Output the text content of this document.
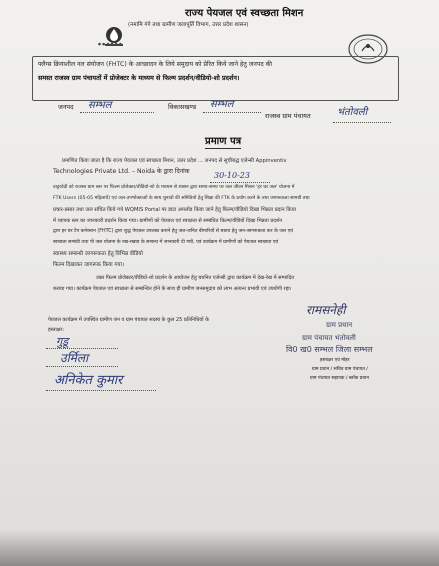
● ● ● ● ● ●
राज्य पेयजल एवं स्वच्छता मिशन
(नमामि गंगे तथा ग्रामीण जलापूर्ति विभाग, उत्तर प्रदेश शासन)
फ्लैग्स क्रियाशील नल संयोजन (FHTC) के आच्छादन के लिये समुदाय को प्रेरित किये जाने हेतु जनपद की
समस्त राजस्व ग्राम पंचायतों में प्रोजेक्टर के माध्यम से फिल्म प्रदर्शन/वीडियो-शो प्रदर्शन।
जनपद सम्भल	विकासखण्ड सम्भल
राजस्व ग्राम पंचायत	भंतोवली
प्रमाण पत्र
प्रमाणित किया जाता है कि राज्य पेयजल एवं स्वच्छता मिशन, उत्तर प्रदेश ... जनपद से सूचीबद्ध एजेन्सी Appinventiv
Technologies Private Ltd. – Noida के द्वारा दिनांक	30-10-23
वाट्टरवेदी को राजस्व ग्राम स्तर पर फिल्म प्रोजेक्टर/वीडियो-शो के माध्यम से शासन द्वारा समय-समय पर जल जीवन मिशन 'हर घर जल' योजना में
FTK Users (05-05 महिलायें) एवं जल-उपभोक्ताओं के साथ चुनावों की समितियों हेतु शिक्षा की FTK के प्रयोग करने के तथा जागरूकता सामग्री तथा
प्रचार-प्रसार तथा जल संचित किये गये WQMIS Portal पर डाटा अपलोड किया जाने हेतु फ़िल्म/वीडियो दिखा भिन्नता प्रदान किया
में व्यापक स्तर का जानकारी प्रदर्शन किया गया। ग्रामीणों को पेयजल एवं स्वच्छता से सम्बंधित फ़िल्म/वीडियो दिखा भिन्नता प्रदर्शन
द्वारा हर घर टैप कनेक्शन (FHTC) द्वारा शुद्ध पेयजल उपलब्ध कराने हेतु जल-जनित बीमारियों से बचाव हेतु जन-जागरूकता कर के जल एवं
स्वच्छता सम्बंधी तथा पी जल योजना के रख-रखाव के सम्बन्ध में जानकारी दी गयी, एवं कार्यक्रम में ग्रामीणों को पेयजल स्वच्छता एवं
स्वास्थ्य सम्बन्धी जागरूकता हेतु विभिन्न वीडियो
फिल्म दिखाकर जागरूक किया गया।
उक्त फिल्म प्रोजेक्टर/वीडियो-शो प्रदर्शन के आयोजन हेतु चयनित एजेन्सी द्वारा कार्यक्रम में देख-रेख में सम्पादित
कराया गया। कार्यक्रम पेयजल एवं स्वच्छता से सम्बन्धित होने के साथ ही ग्रामीण जनसमुदाय को लाभ अत्यन्त प्रभावी एवं उपयोगी रहा।
पेयजल कार्यक्रम में उपस्थित ग्रामीण जन व ग्राम पंचायत सदस्य के कुल 25 प्रतिनिधियों के
हस्ताक्षर:
गुडू
उर्मिला
अनिकेत कुमार
रामसनेही
ग्राम प्रधान
ग्राम पंचायत भंतोवली
वि0 ख0 सम्भल जिला सम्भल
हस्ताक्षर एवं मोहर
ग्राम प्रधान / सचिव ग्राम पंचायत /
ग्राम पंचायत सहायक / ब्लॉक प्रधान
